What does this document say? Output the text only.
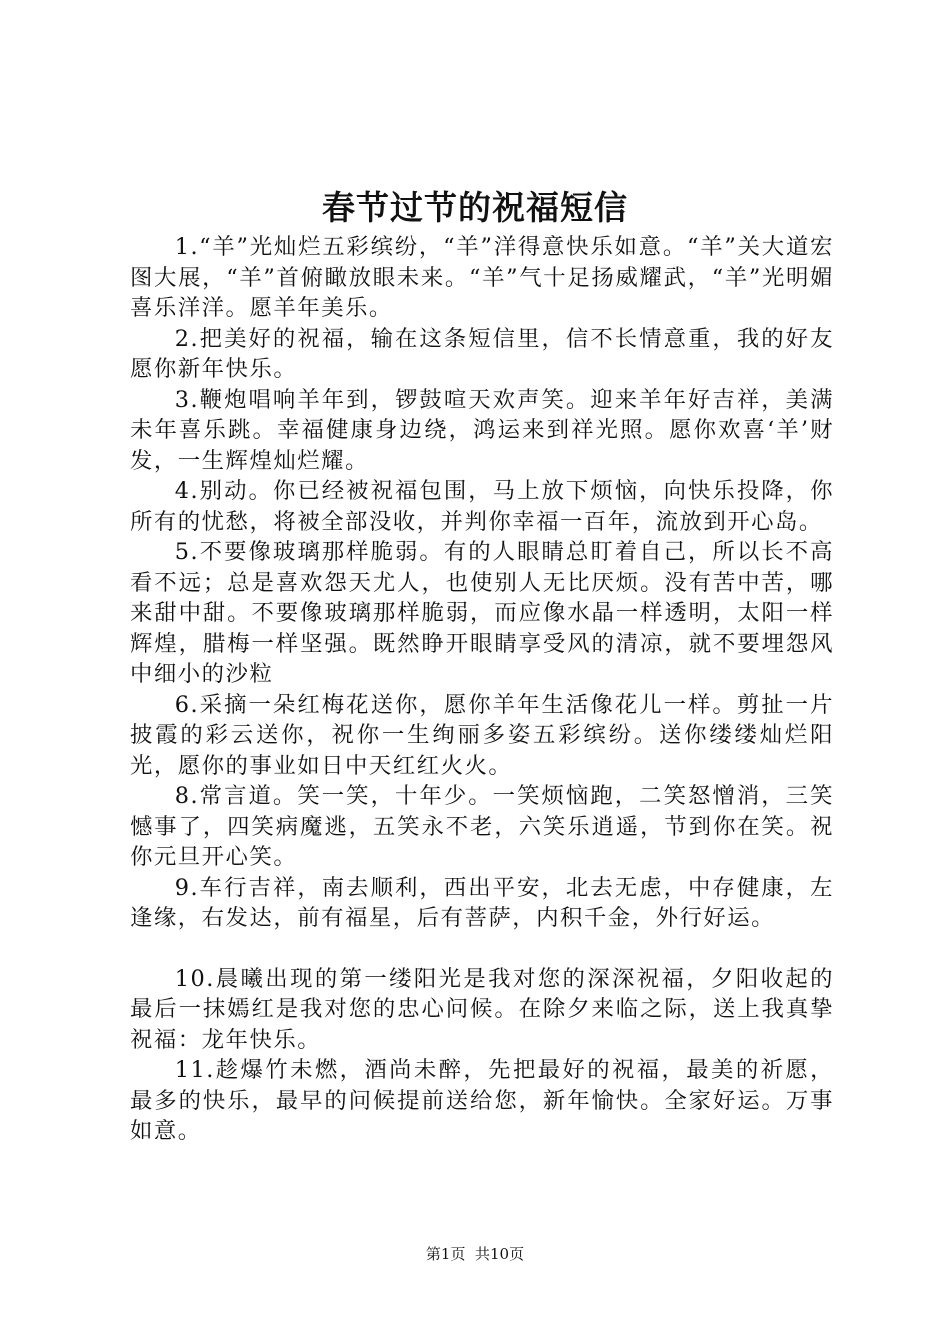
春节过节的祝福短信

1.“羊”光灿烂五彩缤纷，“羊”洋得意快乐如意。“羊”关大道宏图大展，“羊”首俯瞰放眼未来。“羊”气十足扬威耀武，“羊”光明媚喜乐洋洋。愿羊年美乐。

2.把美好的祝福，输在这条短信里，信不长情意重，我的好友愿你新年快乐。

3.鞭炮唱响羊年到，锣鼓喧天欢声笑。迎来羊年好吉祥，美满未年喜乐跳。幸福健康身边绕，鸿运来到祥光照。愿你欢喜‘羊’财发，一生辉煌灿烂耀。

4.别动。你已经被祝福包围，马上放下烦恼，向快乐投降，你所有的忧愁，将被全部没收，并判你幸福一百年，流放到开心岛。

5.不要像玻璃那样脆弱。有的人眼睛总盯着自己，所以长不高看不远；总是喜欢怨天尤人，也使别人无比厌烦。没有苦中苦，哪来甜中甜。不要像玻璃那样脆弱，而应像水晶一样透明，太阳一样辉煌，腊梅一样坚强。既然睁开眼睛享受风的清凉，就不要埋怨风中细小的沙粒

6.采摘一朵红梅花送你，愿你羊年生活像花儿一样。剪扯一片披霞的彩云送你，祝你一生绚丽多姿五彩缤纷。送你缕缕灿烂阳光，愿你的事业如日中天红红火火。

8.常言道。笑一笑，十年少。一笑烦恼跑，二笑怒憎消，三笑憾事了，四笑病魔逃，五笑永不老，六笑乐逍遥，节到你在笑。祝你元旦开心笑。

9.车行吉祥，南去顺利，西出平安，北去无虑，中存健康，左逢缘，右发达，前有福星，后有菩萨，内积千金，外行好运。

10.晨曦出现的第一缕阳光是我对您的深深祝福，夕阳收起的最后一抹嫣红是我对您的忠心问候。在除夕来临之际，送上我真挚祝福：龙年快乐。

11.趁爆竹未燃，酒尚未醉，先把最好的祝福，最美的祈愿，最多的快乐，最早的问候提前送给您，新年愉快。全家好运。万事如意。

第1页  共10页
